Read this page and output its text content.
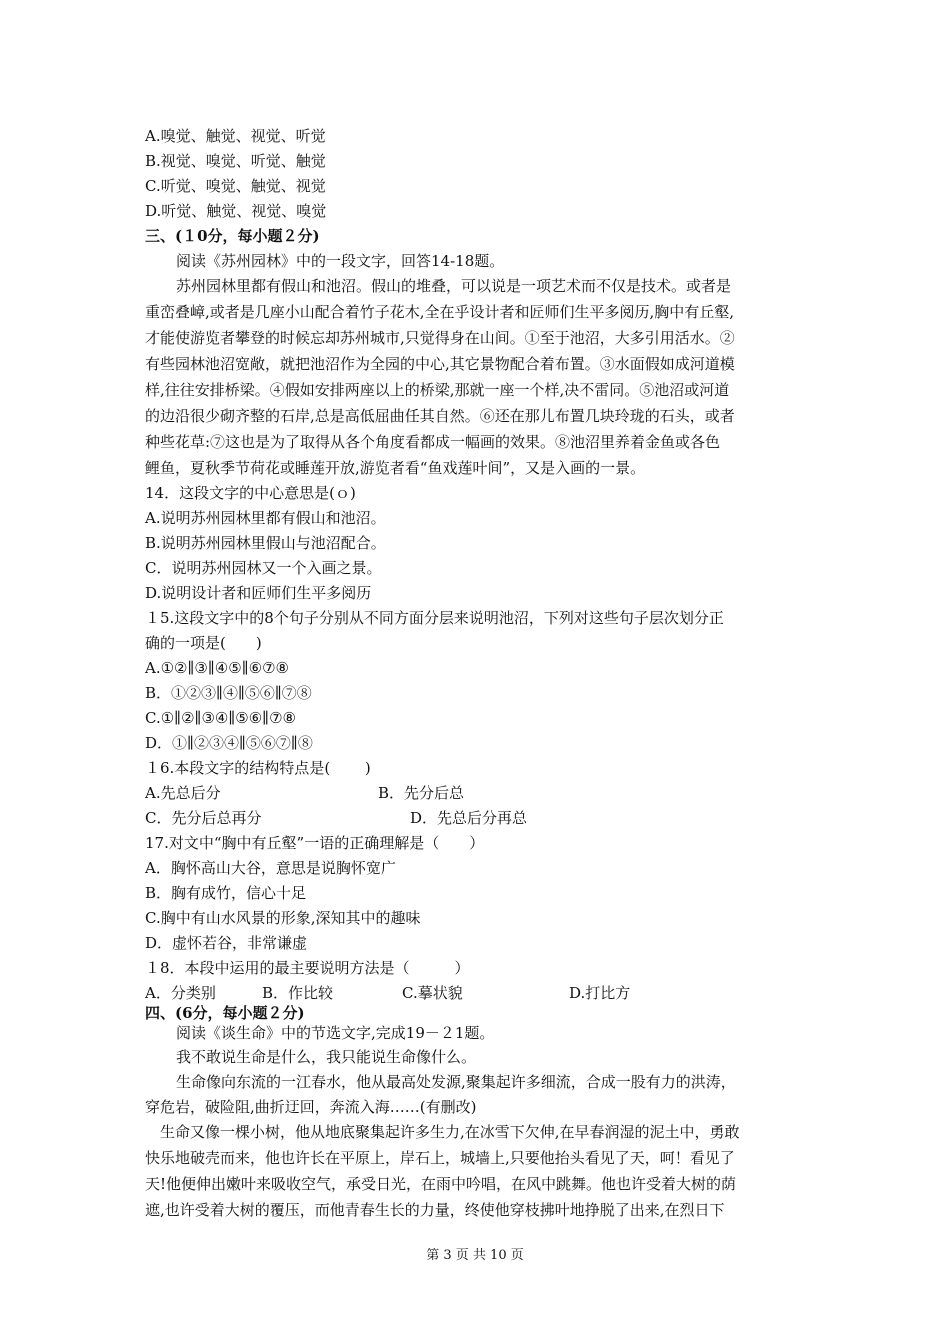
A.嗅觉、触觉、视觉、听觉
B.视觉、嗅觉、听觉、触觉
C.听觉、嗅觉、触觉、视觉
D.听觉、触觉、视觉、嗅觉
三、(１0分，每小题２分)
阅读《苏州园林》中的一段文字，回答14-18题。
苏州园林里都有假山和池沼。假山的堆叠，可以说是一项艺术而不仅是技术。或者是
重峦叠嶂,或者是几座小山配合着竹子花木,全在乎设计者和匠师们生平多阅历,胸中有丘壑,
才能使游览者攀登的时候忘却苏州城市,只觉得身在山间。①至于池沼，大多引用活水。②
有些园林池沼宽敞，就把池沼作为全园的中心,其它景物配合着布置。③水面假如成河道模
样,往往安排桥梁。④假如安排两座以上的桥梁,那就一座一个样,决不雷同。⑤池沼或河道
的边沿很少砌齐整的石岸,总是高低屈曲任其自然。⑥还在那儿布置几块玲珑的石头，或者
种些花草:⑦这也是为了取得从各个角度看都成一幅画的效果。⑧池沼里养着金鱼或各色
鲤鱼，夏秋季节荷花或睡莲开放,游览者看“鱼戏莲叶间”，又是入画的一景。
14．这段文字的中心意思是(ｏ)
A.说明苏州园林里都有假山和池沼。
B.说明苏州园林里假山与池沼配合。
C．说明苏州园林又一个入画之景。
D.说明设计者和匠师们生平多阅历
１5.这段文字中的8个句子分别从不同方面分层来说明池沼，下列对这些句子层次划分正
确的一项是(　　)
A.①②∥③∥④⑤∥⑥⑦⑧
B．①②③∥④∥⑤⑥∥⑦⑧
C.①∥②∥③④∥⑤⑥∥⑦⑧
D．①∥②③④∥⑤⑥⑦∥⑧
１6.本段文字的结构特点是(　　 )
A.先总后分	B．先分后总
C．先分后总再分	D．先总后分再总
17.对文中“胸中有丘壑”一语的正确理解是（　　）
A．胸怀高山大谷，意思是说胸怀宽广
B．胸有成竹，信心十足
C.胸中有山水风景的形象,深知其中的趣味
D．虚怀若谷，非常谦虚
１8．本段中运用的最主要说明方法是（　　　）
A．分类别	B．作比较	C.摹状貌	D.打比方
四、(6分，每小题２分)
阅读《谈生命》中的节选文字,完成19－２1题。
我不敢说生命是什么，我只能说生命像什么。
生命像向东流的一江春水，他从最高处发源,聚集起许多细流，合成一股有力的洪涛，
穿危岩，破险阻,曲折迂回，奔流入海……(有删改)
生命又像一棵小树，他从地底聚集起许多生力,在冰雪下欠伸,在早春润湿的泥土中，勇敢
快乐地破壳而来，他也许长在平原上，岸石上，城墙上,只要他抬头看见了天，呵！看见了
天!他便伸出嫩叶来吸收空气，承受日光，在雨中吟唱，在风中跳舞。他也许受着大树的荫
遮,也许受着大树的覆压，而他青春生长的力量，终使他穿枝拂叶地挣脱了出来,在烈日下
第 3 页 共 10 页
